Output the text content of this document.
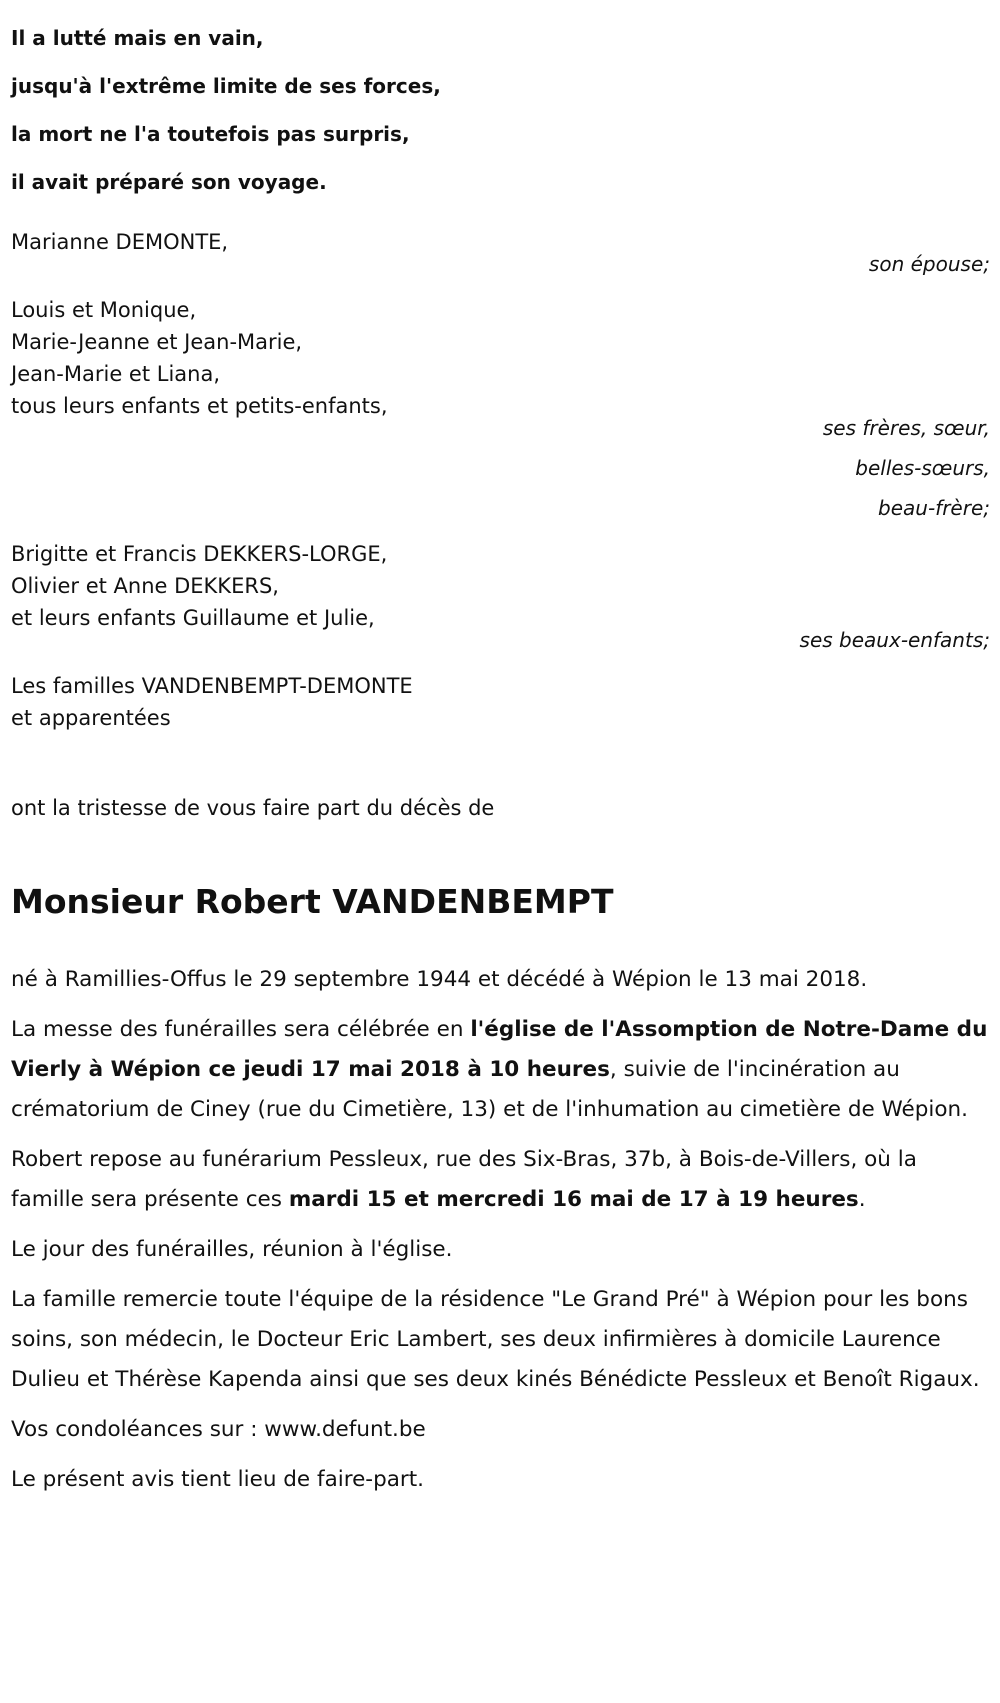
Il a lutté mais en vain,
jusqu'à l'extrême limite de ses forces,
la mort ne l'a toutefois pas surpris,
il avait préparé son voyage.
Marianne DEMONTE,
son épouse;
Louis et Monique,
Marie-Jeanne et Jean-Marie,
Jean-Marie et Liana,
tous leurs enfants et petits-enfants,
ses frères, sœur,
belles-sœurs,
beau-frère;
Brigitte et Francis DEKKERS-LORGE,
Olivier et Anne DEKKERS,
et leurs enfants Guillaume et Julie,
ses beaux-enfants;
Les familles VANDENBEMPT-DEMONTE
et apparentées
ont la tristesse de vous faire part du décès de
Monsieur Robert VANDENBEMPT

né à Ramillies-Offus le 29 septembre 1944 et décédé à Wépion le 13 mai 2018.

La messe des funérailles sera célébrée en l'église de l'Assomption de Notre-Dame du Vierly à Wépion ce jeudi 17 mai 2018 à 10 heures, suivie de l'incinération au crématorium de Ciney (rue du Cimetière, 13) et de l'inhumation au cimetière de Wépion.

Robert repose au funérarium Pessleux, rue des Six-Bras, 37b, à Bois-de-Villers, où la famille sera présente ces mardi 15 et mercredi 16 mai de 17 à 19 heures.

Le jour des funérailles, réunion à l'église.

La famille remercie toute l'équipe de la résidence "Le Grand Pré" à Wépion pour les bons soins, son médecin, le Docteur Eric Lambert, ses deux infirmières à domicile Laurence Dulieu et Thérèse Kapenda ainsi que ses deux kinés Bénédicte Pessleux et Benoît Rigaux.

Vos condoléances sur : www.defunt.be

Le présent avis tient lieu de faire-part.
